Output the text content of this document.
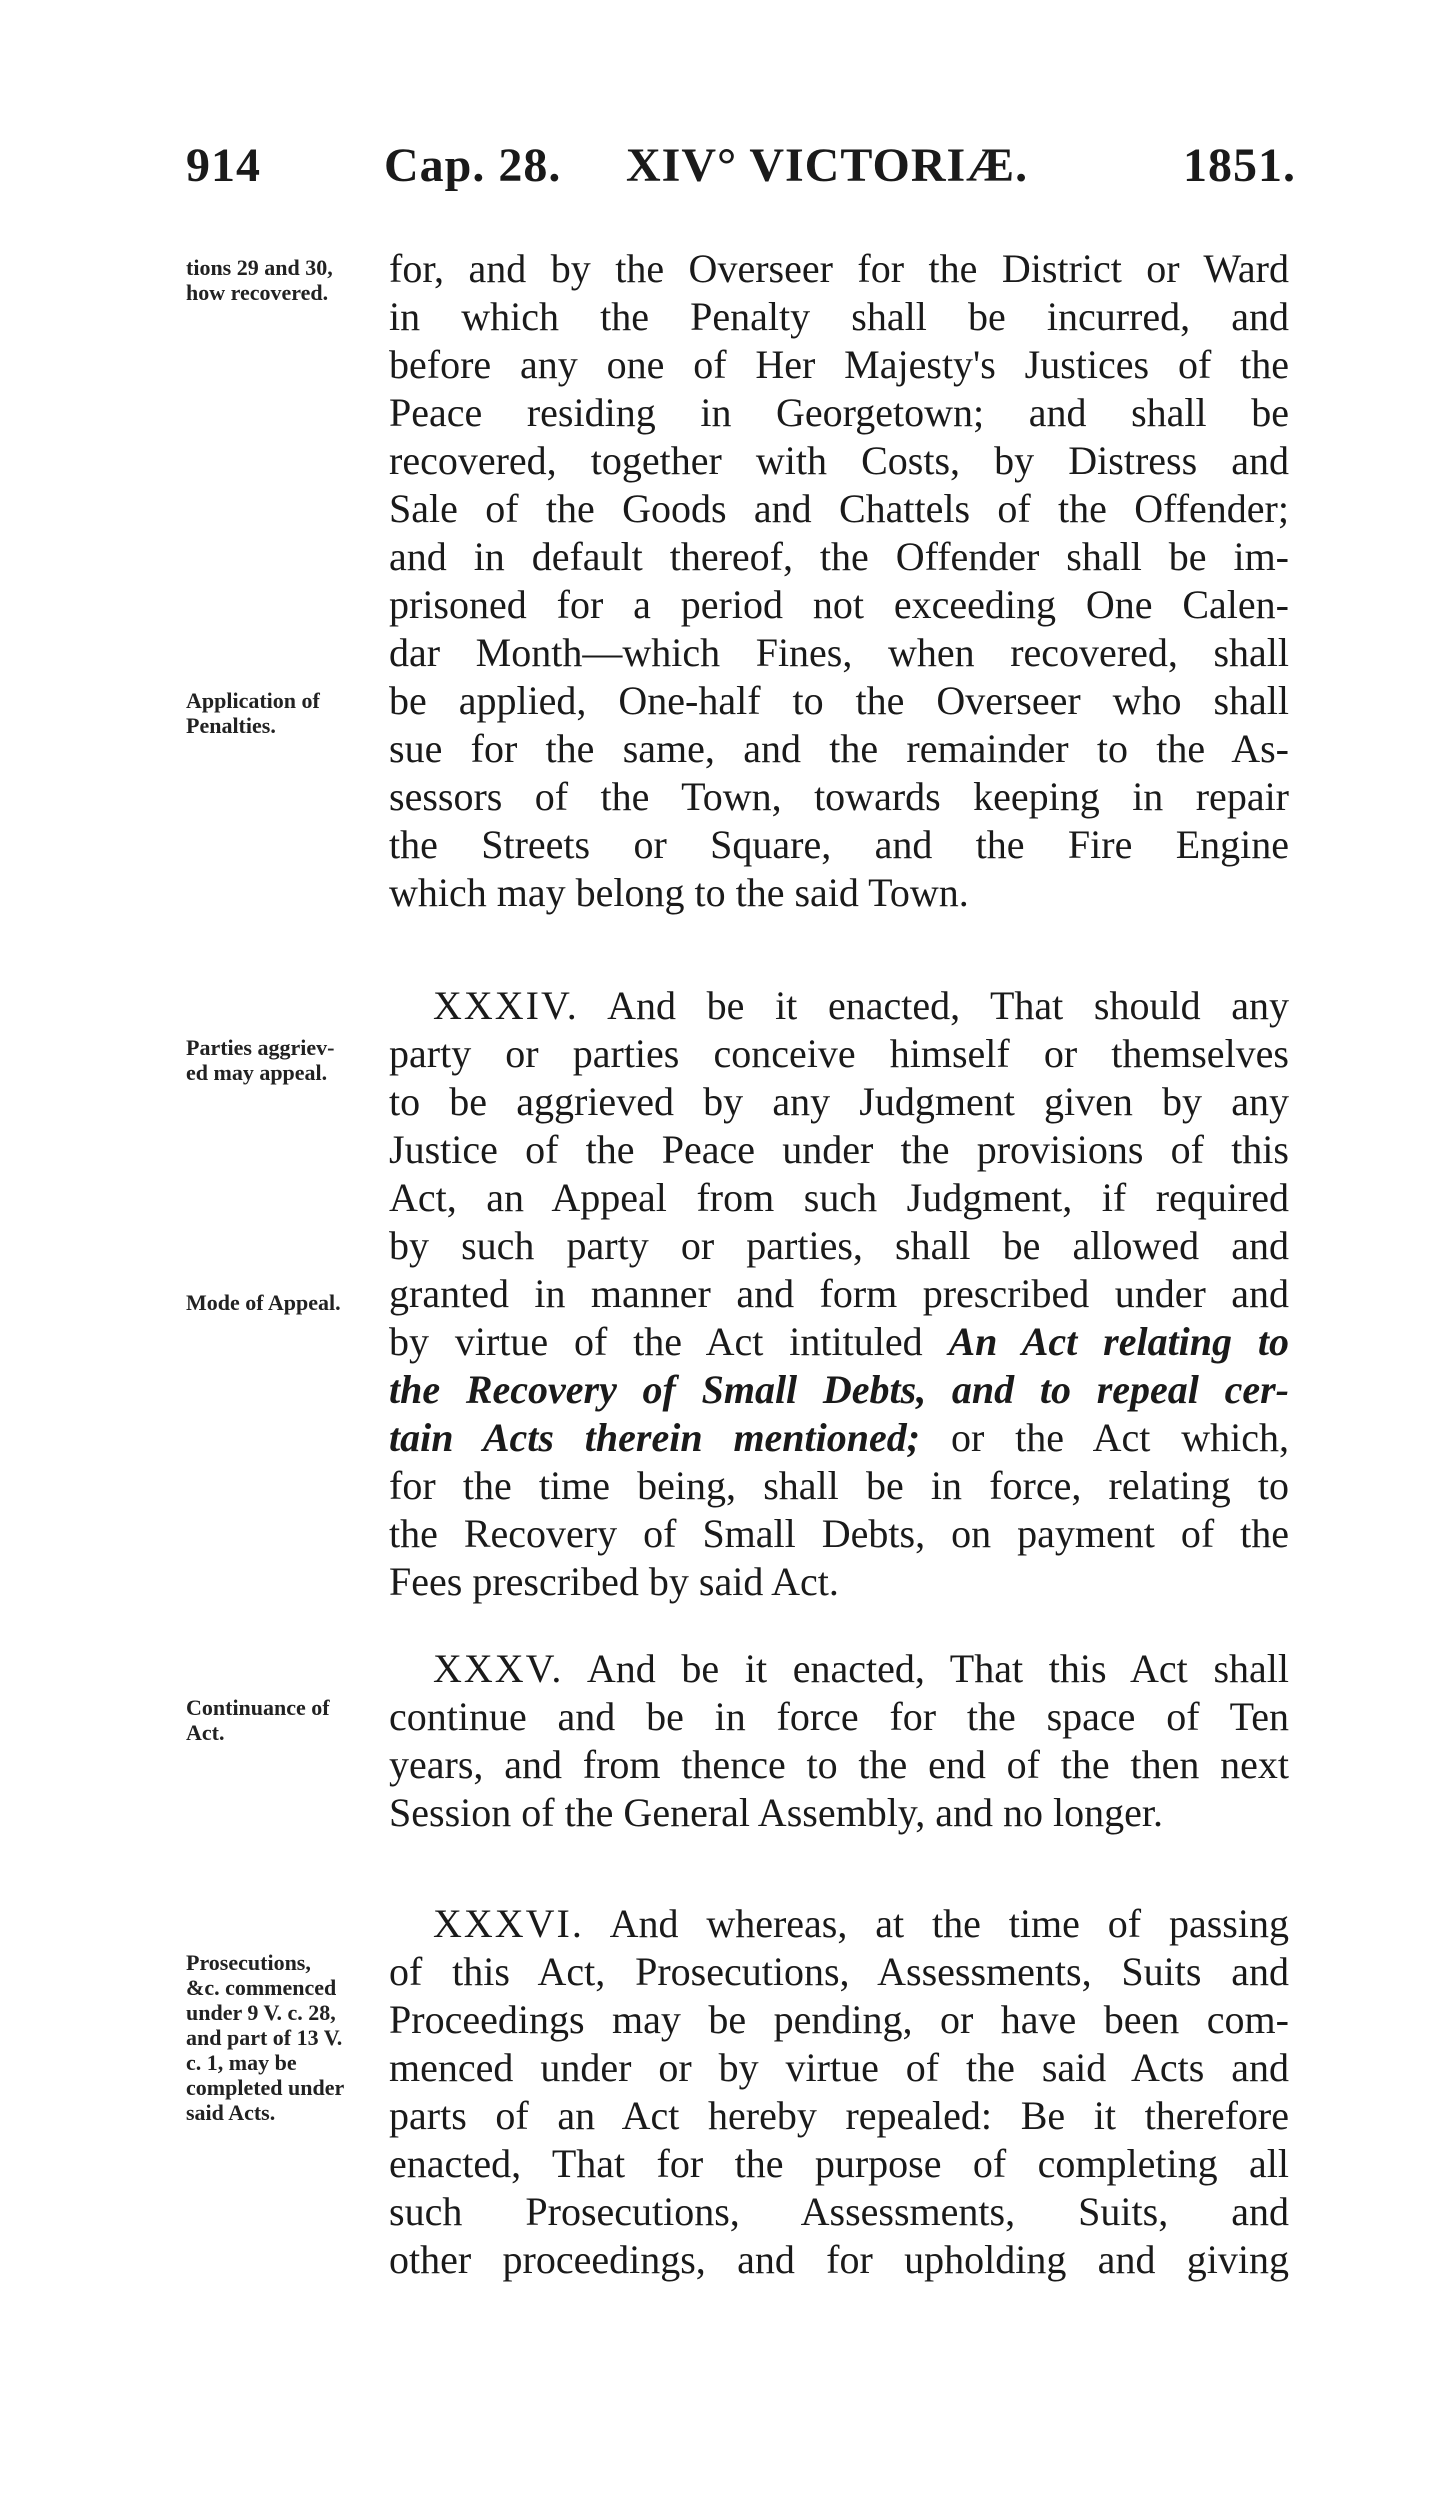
914	Cap. 28. XIV° VICTORIÆ.	1851.
tions 29 and 30,
how recovered.
Application of
Penalties.
Parties aggriev-
ed may appeal.
Mode of Appeal.
Continuance of
Act.
Prosecutions,
&c. commenced
under 9 V. c. 28,
and part of 13 V.
c. 1, may be
completed under
said Acts.
for, and by the Overseer for the District or Ward
in which the Penalty shall be incurred, and
before any one of Her Majesty's Justices of the
Peace residing in Georgetown; and shall be
recovered, together with Costs, by Distress and
Sale of the Goods and Chattels of the Offender;
and in default thereof, the Offender shall be im-
prisoned for a period not exceeding One Calen-
dar Month—which Fines, when recovered, shall
be applied, One-half to the Overseer who shall
sue for the same, and the remainder to the As-
sessors of the Town, towards keeping in repair
the Streets or Square, and the Fire Engine
which may belong to the said Town.
XXXIV. And be it enacted, That should any
party or parties conceive himself or themselves
to be aggrieved by any Judgment given by any
Justice of the Peace under the provisions of this
Act, an Appeal from such Judgment, if required
by such party or parties, shall be allowed and
granted in manner and form prescribed under and
by virtue of the Act intituled An Act relating to
the Recovery of Small Debts, and to repeal cer-
tain Acts therein mentioned; or the Act which,
for the time being, shall be in force, relating to
the Recovery of Small Debts, on payment of the
Fees prescribed by said Act.
XXXV. And be it enacted, That this Act shall
continue and be in force for the space of Ten
years, and from thence to the end of the then next
Session of the General Assembly, and no longer.
XXXVI. And whereas, at the time of passing
of this Act, Prosecutions, Assessments, Suits and
Proceedings may be pending, or have been com-
menced under or by virtue of the said Acts and
parts of an Act hereby repealed: Be it therefore
enacted, That for the purpose of completing all
such Prosecutions, Assessments, Suits, and
other proceedings, and for upholding and giving
